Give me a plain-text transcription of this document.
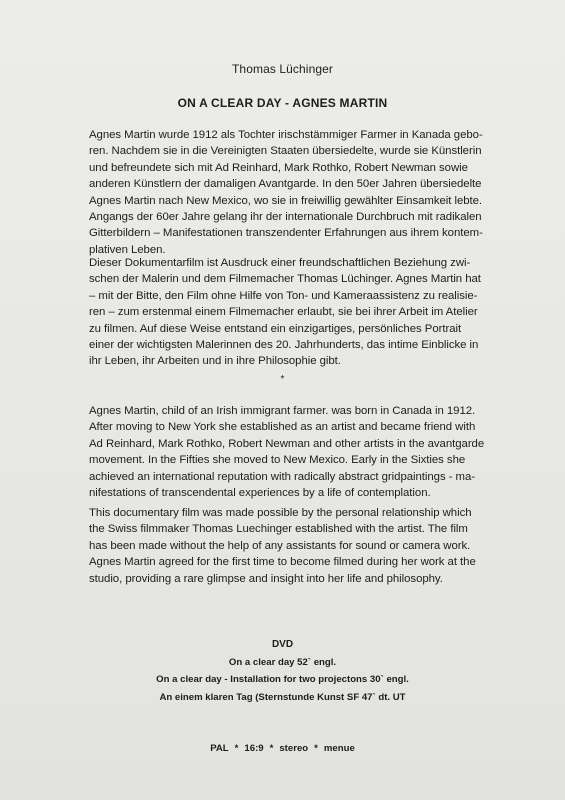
Thomas Lüchinger
ON A CLEAR DAY - AGNES MARTIN

Agnes Martin wurde 1912 als Tochter irischstämmiger Farmer in Kanada gebo-
ren. Nachdem sie in die Vereinigten Staaten übersiedelte, wurde sie Künstlerin
und befreundete sich mit Ad Reinhard, Mark Rothko, Robert Newman sowie
anderen Künstlern der damaligen Avantgarde. In den 50er Jahren übersiedelte
Agnes Martin nach New Mexico, wo sie in freiwillig gewählter Einsamkeit lebte.
Angangs der 60er Jahre gelang ihr der internationale Durchbruch mit radikalen
Gitterbildern – Manifestationen transzendenter Erfahrungen aus ihrem kontem-
plativen Leben.

Dieser Dokumentarfilm ist Ausdruck einer freundschaftlichen Beziehung zwi-
schen der Malerin und dem Filmemacher Thomas Lüchinger. Agnes Martin hat
– mit der Bitte, den Film ohne Hilfe von Ton- und Kameraassistenz zu realisie-
ren – zum erstenmal einem Filmemacher erlaubt, sie bei ihrer Arbeit im Atelier
zu filmen. Auf diese Weise entstand ein einzigartiges, persönliches Portrait
einer der wichtigsten Malerinnen des 20. Jahrhunderts, das intime Einblicke in
ihr Leben, ihr Arbeiten und in ihre Philosophie gibt.

*

Agnes Martin, child of an Irish immigrant farmer. was born in Canada in 1912.
After moving to New York she established as an artist and became friend with
Ad Reinhard, Mark Rothko, Robert Newman and other artists in the avantgarde
movement. In the Fifties she moved to New Mexico. Early in the Sixties she
achieved an international reputation with radically abstract gridpaintings - ma-
nifestations of transcendental experiences by a life of contemplation.

This documentary film was made possible by the personal relationship which
the Swiss filmmaker Thomas Luechinger established with the artist. The film
has been made without the help of any assistants for sound or camera work.
Agnes Martin agreed for the first time to become filmed during her work at the
studio, providing a rare glimpse and insight into her life and philosophy.

DVD
On a clear day 52` engl.
On a clear day - Installation for two projectons 30` engl.
An einem klaren Tag (Sternstunde Kunst SF 47` dt. UT
PAL * 16:9 * stereo * menue
